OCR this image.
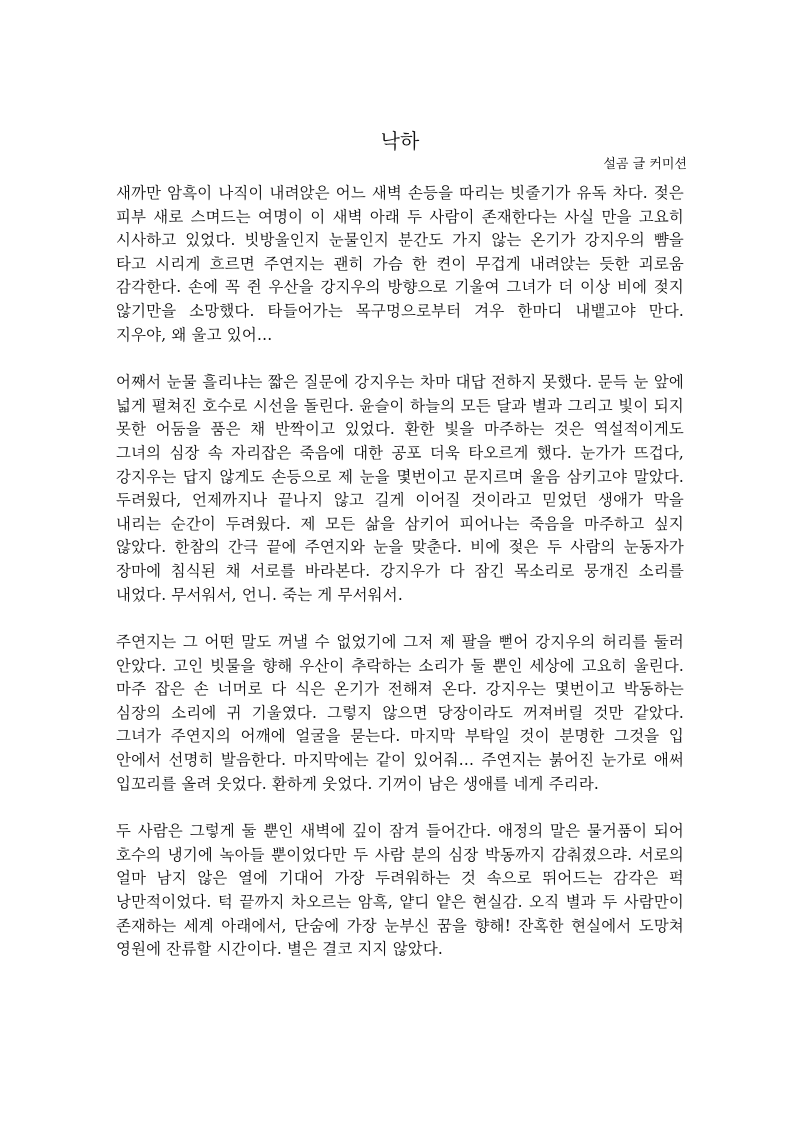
낙하

설곰 글 커미션

새까만 암흑이 나직이 내려앉은 어느 새벽 손등을 따리는 빗줄기가 유독 차다. 젖은 피부 새로 스며드는 여명이 이 새벽 아래 두 사람이 존재한다는 사실 만을 고요히 시사하고 있었다. 빗방울인지 눈물인지 분간도 가지 않는 온기가 강지우의 뺨을 타고 시리게 흐르면 주연지는 괜히 가슴 한 켠이 무겁게 내려앉는 듯한 괴로움 감각한다. 손에 꼭 쥔 우산을 강지우의 방향으로 기울여 그녀가 더 이상 비에 젖지 않기만을 소망했다. 타들어가는 목구멍으로부터 겨우 한마디 내뱉고야 만다. 지우야, 왜 울고 있어…

어째서 눈물 흘리냐는 짧은 질문에 강지우는 차마 대답 전하지 못했다. 문득 눈 앞에 넓게 펼쳐진 호수로 시선을 돌린다. 윤슬이 하늘의 모든 달과 별과 그리고 빛이 되지 못한 어둠을 품은 채 반짝이고 있었다. 환한 빛을 마주하는 것은 역설적이게도 그녀의 심장 속 자리잡은 죽음에 대한 공포 더욱 타오르게 했다. 눈가가 뜨겁다, 강지우는 답지 않게도 손등으로 제 눈을 몇번이고 문지르며 울음 삼키고야 말았다. 두려웠다, 언제까지나 끝나지 않고 길게 이어질 것이라고 믿었던 생애가 막을 내리는 순간이 두려웠다. 제 모든 삶을 삼키어 피어나는 죽음을 마주하고 싶지 않았다. 한참의 간극 끝에 주연지와 눈을 맞춘다. 비에 젖은 두 사람의 눈동자가 장마에 침식된 채 서로를 바라본다. 강지우가 다 잠긴 목소리로 뭉개진 소리를 내었다. 무서워서, 언니. 죽는 게 무서워서.

주연지는 그 어떤 말도 꺼낼 수 없었기에 그저 제 팔을 뻗어 강지우의 허리를 둘러 안았다. 고인 빗물을 향해 우산이 추락하는 소리가 둘 뿐인 세상에 고요히 울린다. 마주 잡은 손 너머로 다 식은 온기가 전해져 온다. 강지우는 몇번이고 박동하는 심장의 소리에 귀 기울였다. 그렇지 않으면 당장이라도 꺼져버릴 것만 같았다. 그녀가 주연지의 어깨에 얼굴을 묻는다. 마지막 부탁일 것이 분명한 그것을 입 안에서 선명히 발음한다. 마지막에는 같이 있어줘… 주연지는 붉어진 눈가로 애써 입꼬리를 올려 웃었다. 환하게 웃었다. 기꺼이 남은 생애를 네게 주리라.

두 사람은 그렇게 둘 뿐인 새벽에 깊이 잠겨 들어간다. 애정의 말은 물거품이 되어 호수의 냉기에 녹아들 뿐이었다만 두 사람 분의 심장 박동까지 감춰졌으랴. 서로의 얼마 남지 않은 열에 기대어 가장 두려워하는 것 속으로 뛰어드는 감각은 퍽 낭만적이었다. 턱 끝까지 차오르는 암흑, 얕디 얕은 현실감. 오직 별과 두 사람만이 존재하는 세계 아래에서, 단숨에 가장 눈부신 꿈을 향해! 잔혹한 현실에서 도망쳐 영원에 잔류할 시간이다. 별은 결코 지지 않았다.
